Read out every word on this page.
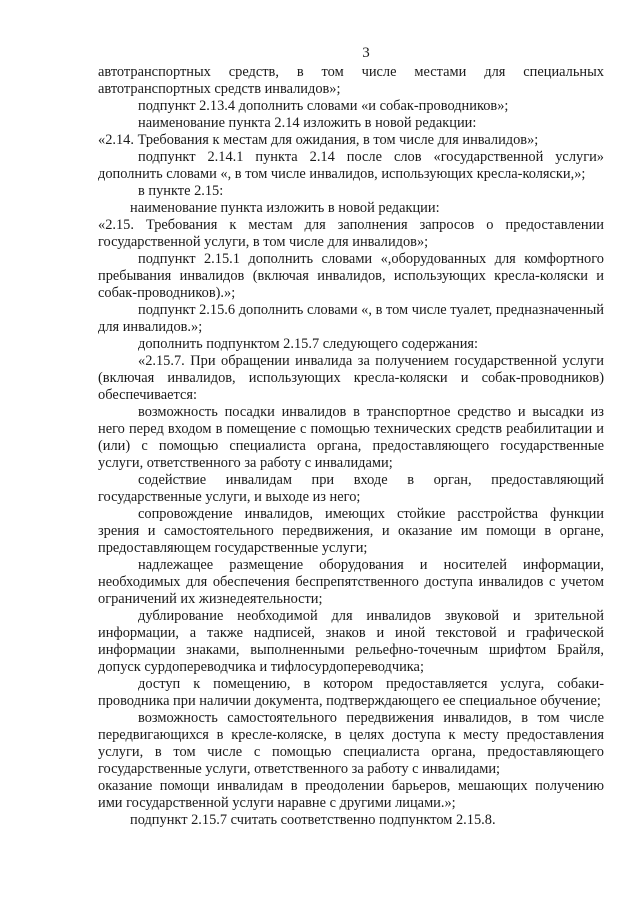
3

автотранспортных средств, в том числе местами для специальных автотранспортных средств инвалидов»;

подпункт 2.13.4 дополнить словами «и собак-проводников»;

наименование пункта 2.14 изложить в новой редакции:

«2.14. Требования к местам для ожидания, в том числе для инвалидов»;

подпункт 2.14.1 пункта 2.14 после слов «государственной услуги» дополнить словами «, в том числе инвалидов, использующих кресла-коляски,»;

в пункте 2.15:

наименование пункта изложить в новой редакции:

«2.15. Требования к местам для заполнения запросов о предоставлении государственной услуги, в том числе для инвалидов»;

подпункт 2.15.1 дополнить словами «,оборудованных для комфортного пребывания инвалидов (включая инвалидов, использующих кресла-коляски и собак-проводников).»;

подпункт 2.15.6 дополнить словами «, в том числе туалет, предназначенный для инвалидов.»;

дополнить подпунктом 2.15.7 следующего содержания:

«2.15.7. При обращении инвалида за получением государственной услуги (включая инвалидов, использующих кресла-коляски и собак-проводников) обеспечивается:

возможность посадки инвалидов в транспортное средство и высадки из него перед входом в помещение с помощью технических средств реабилитации и (или) с помощью специалиста органа, предоставляющего государственные услуги, ответственного за работу с инвалидами;

содействие инвалидам при входе в орган, предоставляющий государственные услуги, и выходе из него;

сопровождение инвалидов, имеющих стойкие расстройства функции зрения и самостоятельного передвижения, и оказание им помощи в органе, предоставляющем государственные услуги;

надлежащее размещение оборудования и носителей информации, необходимых для обеспечения беспрепятственного доступа инвалидов с учетом ограничений их жизнедеятельности;

дублирование необходимой для инвалидов звуковой и зрительной информации, а также надписей, знаков и иной текстовой и графической информации знаками, выполненными рельефно-точечным шрифтом Брайля, допуск сурдопереводчика и тифлосурдопереводчика;

доступ к помещению, в котором предоставляется услуга, собаки-проводника при наличии документа, подтверждающего ее специальное обучение;

возможность самостоятельного передвижения инвалидов, в том числе передвигающихся в кресле-коляске, в целях доступа к месту предоставления услуги, в том числе с помощью специалиста органа, предоставляющего государственные услуги, ответственного за работу с инвалидами;

оказание помощи инвалидам в преодолении барьеров, мешающих получению ими государственной услуги наравне с другими лицами.»;

подпункт 2.15.7 считать соответственно подпунктом 2.15.8.
